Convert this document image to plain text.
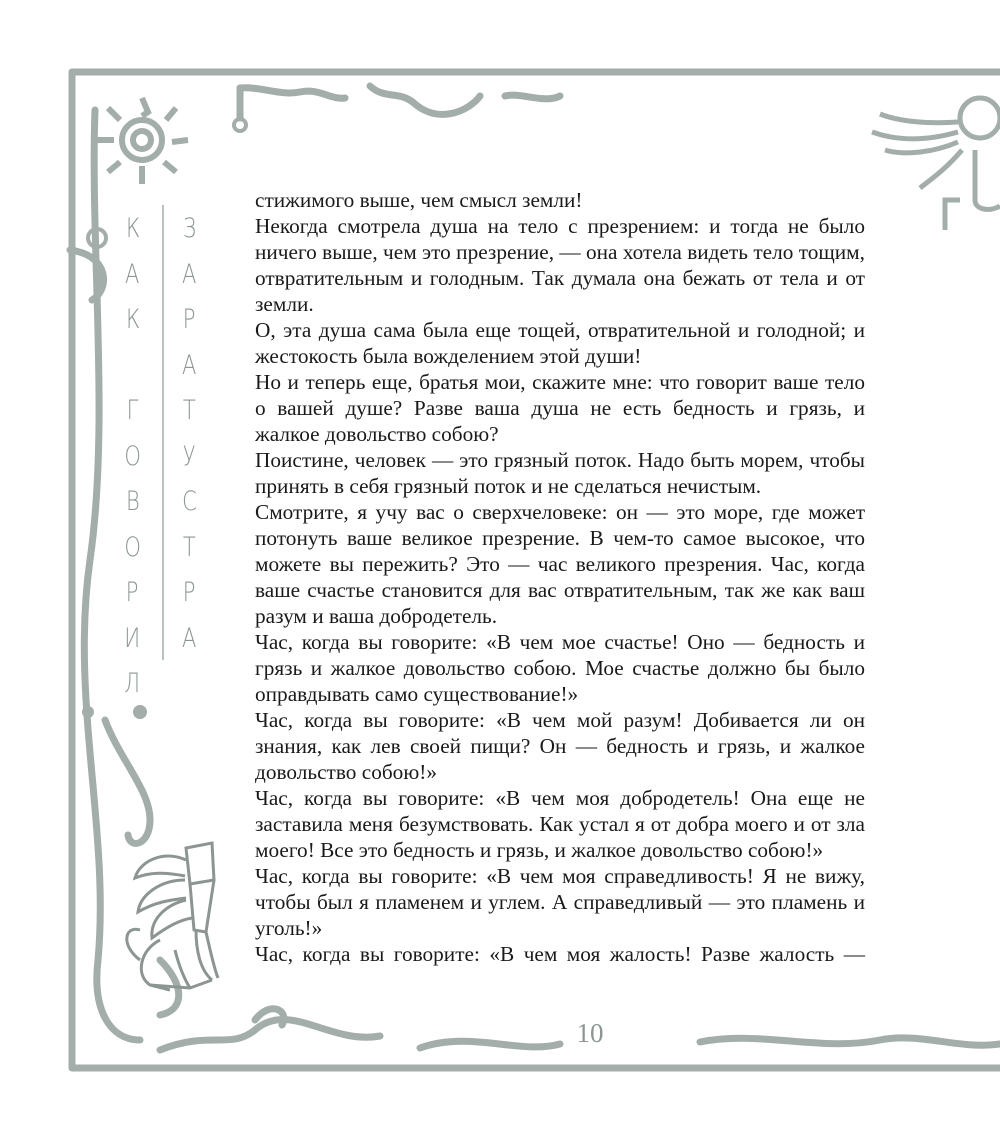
К
А
К
Г
О
В
О
Р
И
Л
З
А
Р
А
Т
У
С
Т
Р
А

стижимого выше, чем смысл земли!

Некогда смотрела душа на тело с презрением: и тогда не было ничего выше, чем это презрение, — она хотела видеть тело тощим, отвратительным и голодным. Так думала она бежать от тела и от земли.

О, эта душа сама была еще тощей, отвратительной и голодной; и жестокость была вожделением этой души!

Но и теперь еще, братья мои, скажите мне: что говорит ваше тело о вашей душе? Разве ваша душа не есть бедность и грязь, и жалкое довольство собою?

Поистине, человек — это грязный поток. Надо быть морем, чтобы принять в себя грязный поток и не сделаться нечистым.

Смотрите, я учу вас о сверхчеловеке: он — это море, где может потонуть ваше великое презрение. В чем-то самое высокое, что можете вы пережить? Это — час великого презрения. Час, когда ваше счастье становится для вас отвратительным, так же как ваш разум и ваша добродетель.

Час, когда вы говорите: «В чем мое счастье! Оно — бедность и грязь и жалкое довольство собою. Мое счастье должно бы было оправдывать само существование!»

Час, когда вы говорите: «В чем мой разум! Добивается ли он знания, как лев своей пищи? Он — бедность и грязь, и жалкое довольство собою!»

Час, когда вы говорите: «В чем моя добродетель! Она еще не заставила меня безумствовать. Как устал я от добра моего и от зла моего! Все это бедность и грязь, и жалкое довольство собою!»

Час, когда вы говорите: «В чем моя справедливость! Я не вижу, чтобы был я пламенем и углем. А справедливый — это пламень и уголь!»

Час, когда вы говорите: «В чем моя жалость! Разве жалость —

10
